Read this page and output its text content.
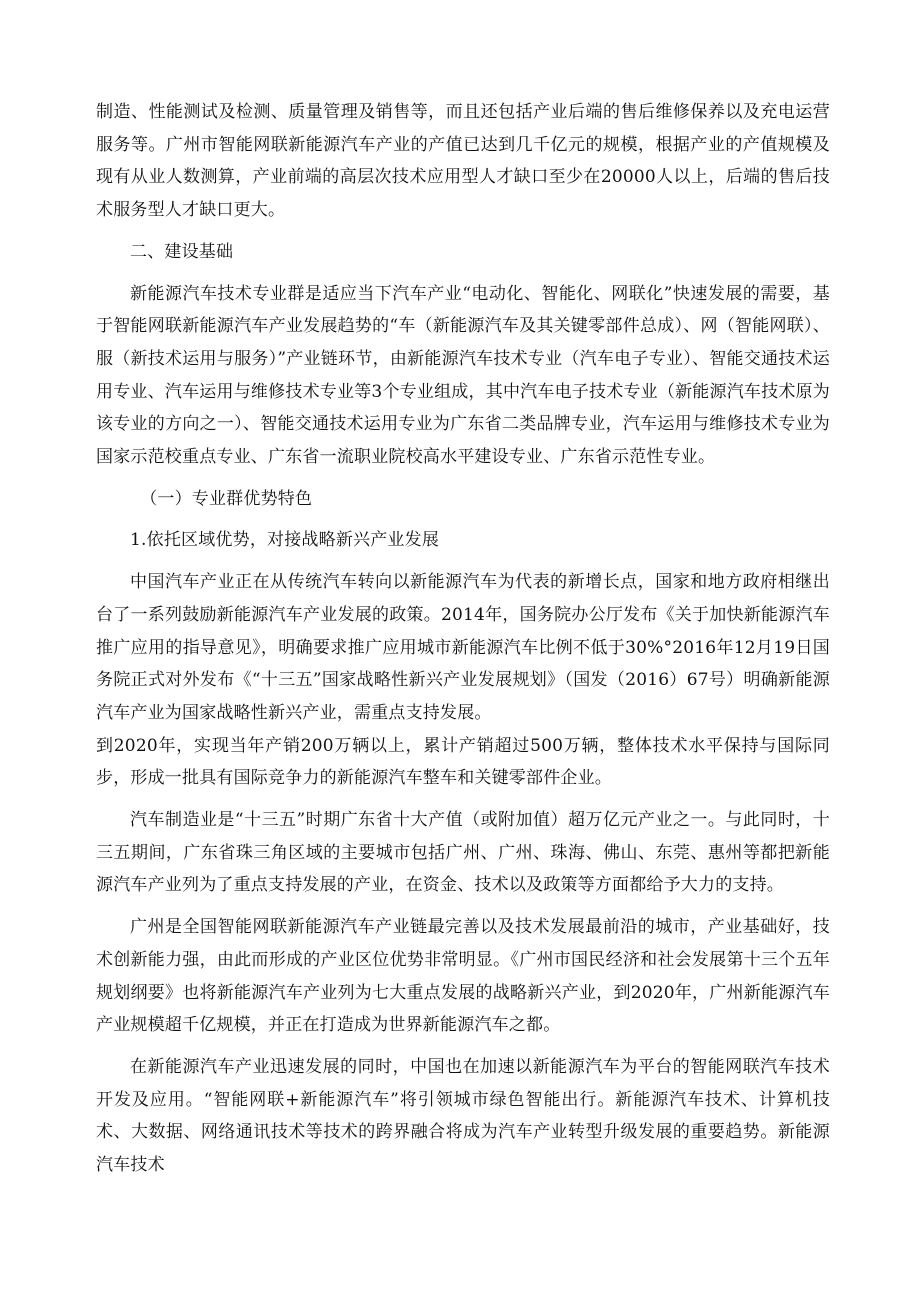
制造、性能测试及检测、质量管理及销售等，而且还包括产业后端的售后维修保养以及充电运营服务等。广州市智能网联新能源汽车产业的产值已达到几千亿元的规模，根据产业的产值规模及现有从业人数测算，产业前端的高层次技术应用型人才缺口至少在20000人以上，后端的售后技术服务型人才缺口更大。

二、建设基础

新能源汽车技术专业群是适应当下汽车产业“电动化、智能化、网联化”快速发展的需要，基于智能网联新能源汽车产业发展趋势的“车（新能源汽车及其关键零部件总成）、网（智能网联）、服（新技术运用与服务）”产业链环节，由新能源汽车技术专业（汽车电子专业）、智能交通技术运用专业、汽车运用与维修技术专业等3个专业组成，其中汽车电子技术专业（新能源汽车技术原为该专业的方向之一）、智能交通技术运用专业为广东省二类品牌专业，汽车运用与维修技术专业为国家示范校重点专业、广东省一流职业院校高水平建设专业、广东省示范性专业。

（一）专业群优势特色

1.依托区域优势，对接战略新兴产业发展

中国汽车产业正在从传统汽车转向以新能源汽车为代表的新增长点，国家和地方政府相继出台了一系列鼓励新能源汽车产业发展的政策。2014年，国务院办公厅发布《关于加快新能源汽车推广应用的指导意见》，明确要求推广应用城市新能源汽车比例不低于30%°2016年12月19日国务院正式对外发布《“十三五”国家战略性新兴产业发展规划》（国发（2016）67号）明确新能源汽车产业为国家战略性新兴产业，需重点支持发展。

到2020年，实现当年产销200万辆以上，累计产销超过500万辆，整体技术水平保持与国际同步，形成一批具有国际竞争力的新能源汽车整车和关键零部件企业。

汽车制造业是“十三五”时期广东省十大产值（或附加值）超万亿元产业之一。与此同时，十三五期间，广东省珠三角区域的主要城市包括广州、广州、珠海、佛山、东莞、惠州等都把新能源汽车产业列为了重点支持发展的产业，在资金、技术以及政策等方面都给予大力的支持。

广州是全国智能网联新能源汽车产业链最完善以及技术发展最前沿的城市，产业基础好，技术创新能力强，由此而形成的产业区位优势非常明显。《广州市国民经济和社会发展第十三个五年规划纲要》也将新能源汽车产业列为七大重点发展的战略新兴产业，到2020年，广州新能源汽车产业规模超千亿规模，并正在打造成为世界新能源汽车之都。

在新能源汽车产业迅速发展的同时，中国也在加速以新能源汽车为平台的智能网联汽车技术开发及应用。“智能网联+新能源汽车”将引领城市绿色智能出行。新能源汽车技术、计算机技术、大数据、网络通讯技术等技术的跨界融合将成为汽车产业转型升级发展的重要趋势。新能源汽车技术
